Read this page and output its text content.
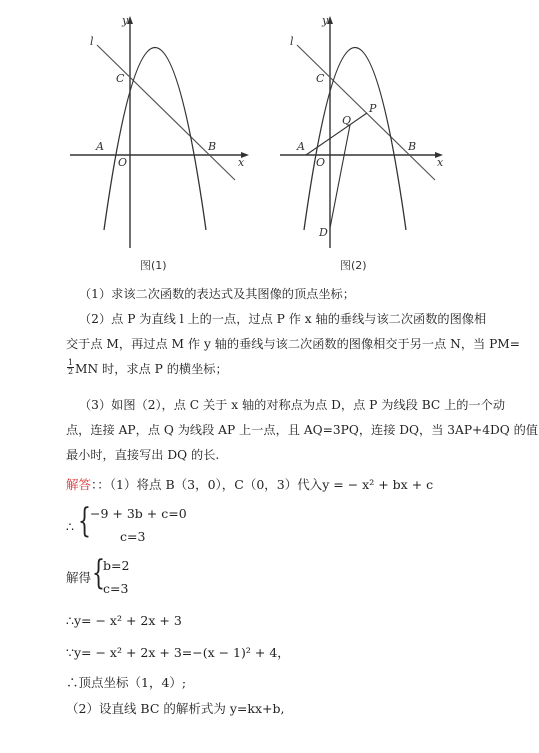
y
x
l
C
A
O
B
图(1)
y
x
l
C
P
Q
A
O
B
D
图(2)
（1）求该二次函数的表达式及其图像的顶点坐标；
（2）点 P 为直线 l 上的一点，过点 P 作 x 轴的垂线与该二次函数的图像相
交于点 M，再过点 M 作 y 轴的垂线与该二次函数的图像相交于另一点 N，当 PM=
1
2 MN 时，求点 P 的横坐标；
（3）如图（2），点 C 关于 x 轴的对称点为点 D，点 P 为线段 BC 上的一个动
点，连接 AP，点 Q 为线段 AP 上一点，且 AQ=3PQ，连接 DQ，当 3AP+4DQ 的值
最小时，直接写出 DQ 的长.
解答：：（1）将点 B（3，0），C（0，3）代入y = − x² + bx + c
∴ { −9 + 3b + c=0
c=3
解得 {
b=2
c=3
∴y= − x² + 2x + 3
∵y= − x² + 2x + 3=−(x − 1)² + 4，
∴顶点坐标（1，4）;
（2）设直线 BC 的解析式为 y=kx+b,
